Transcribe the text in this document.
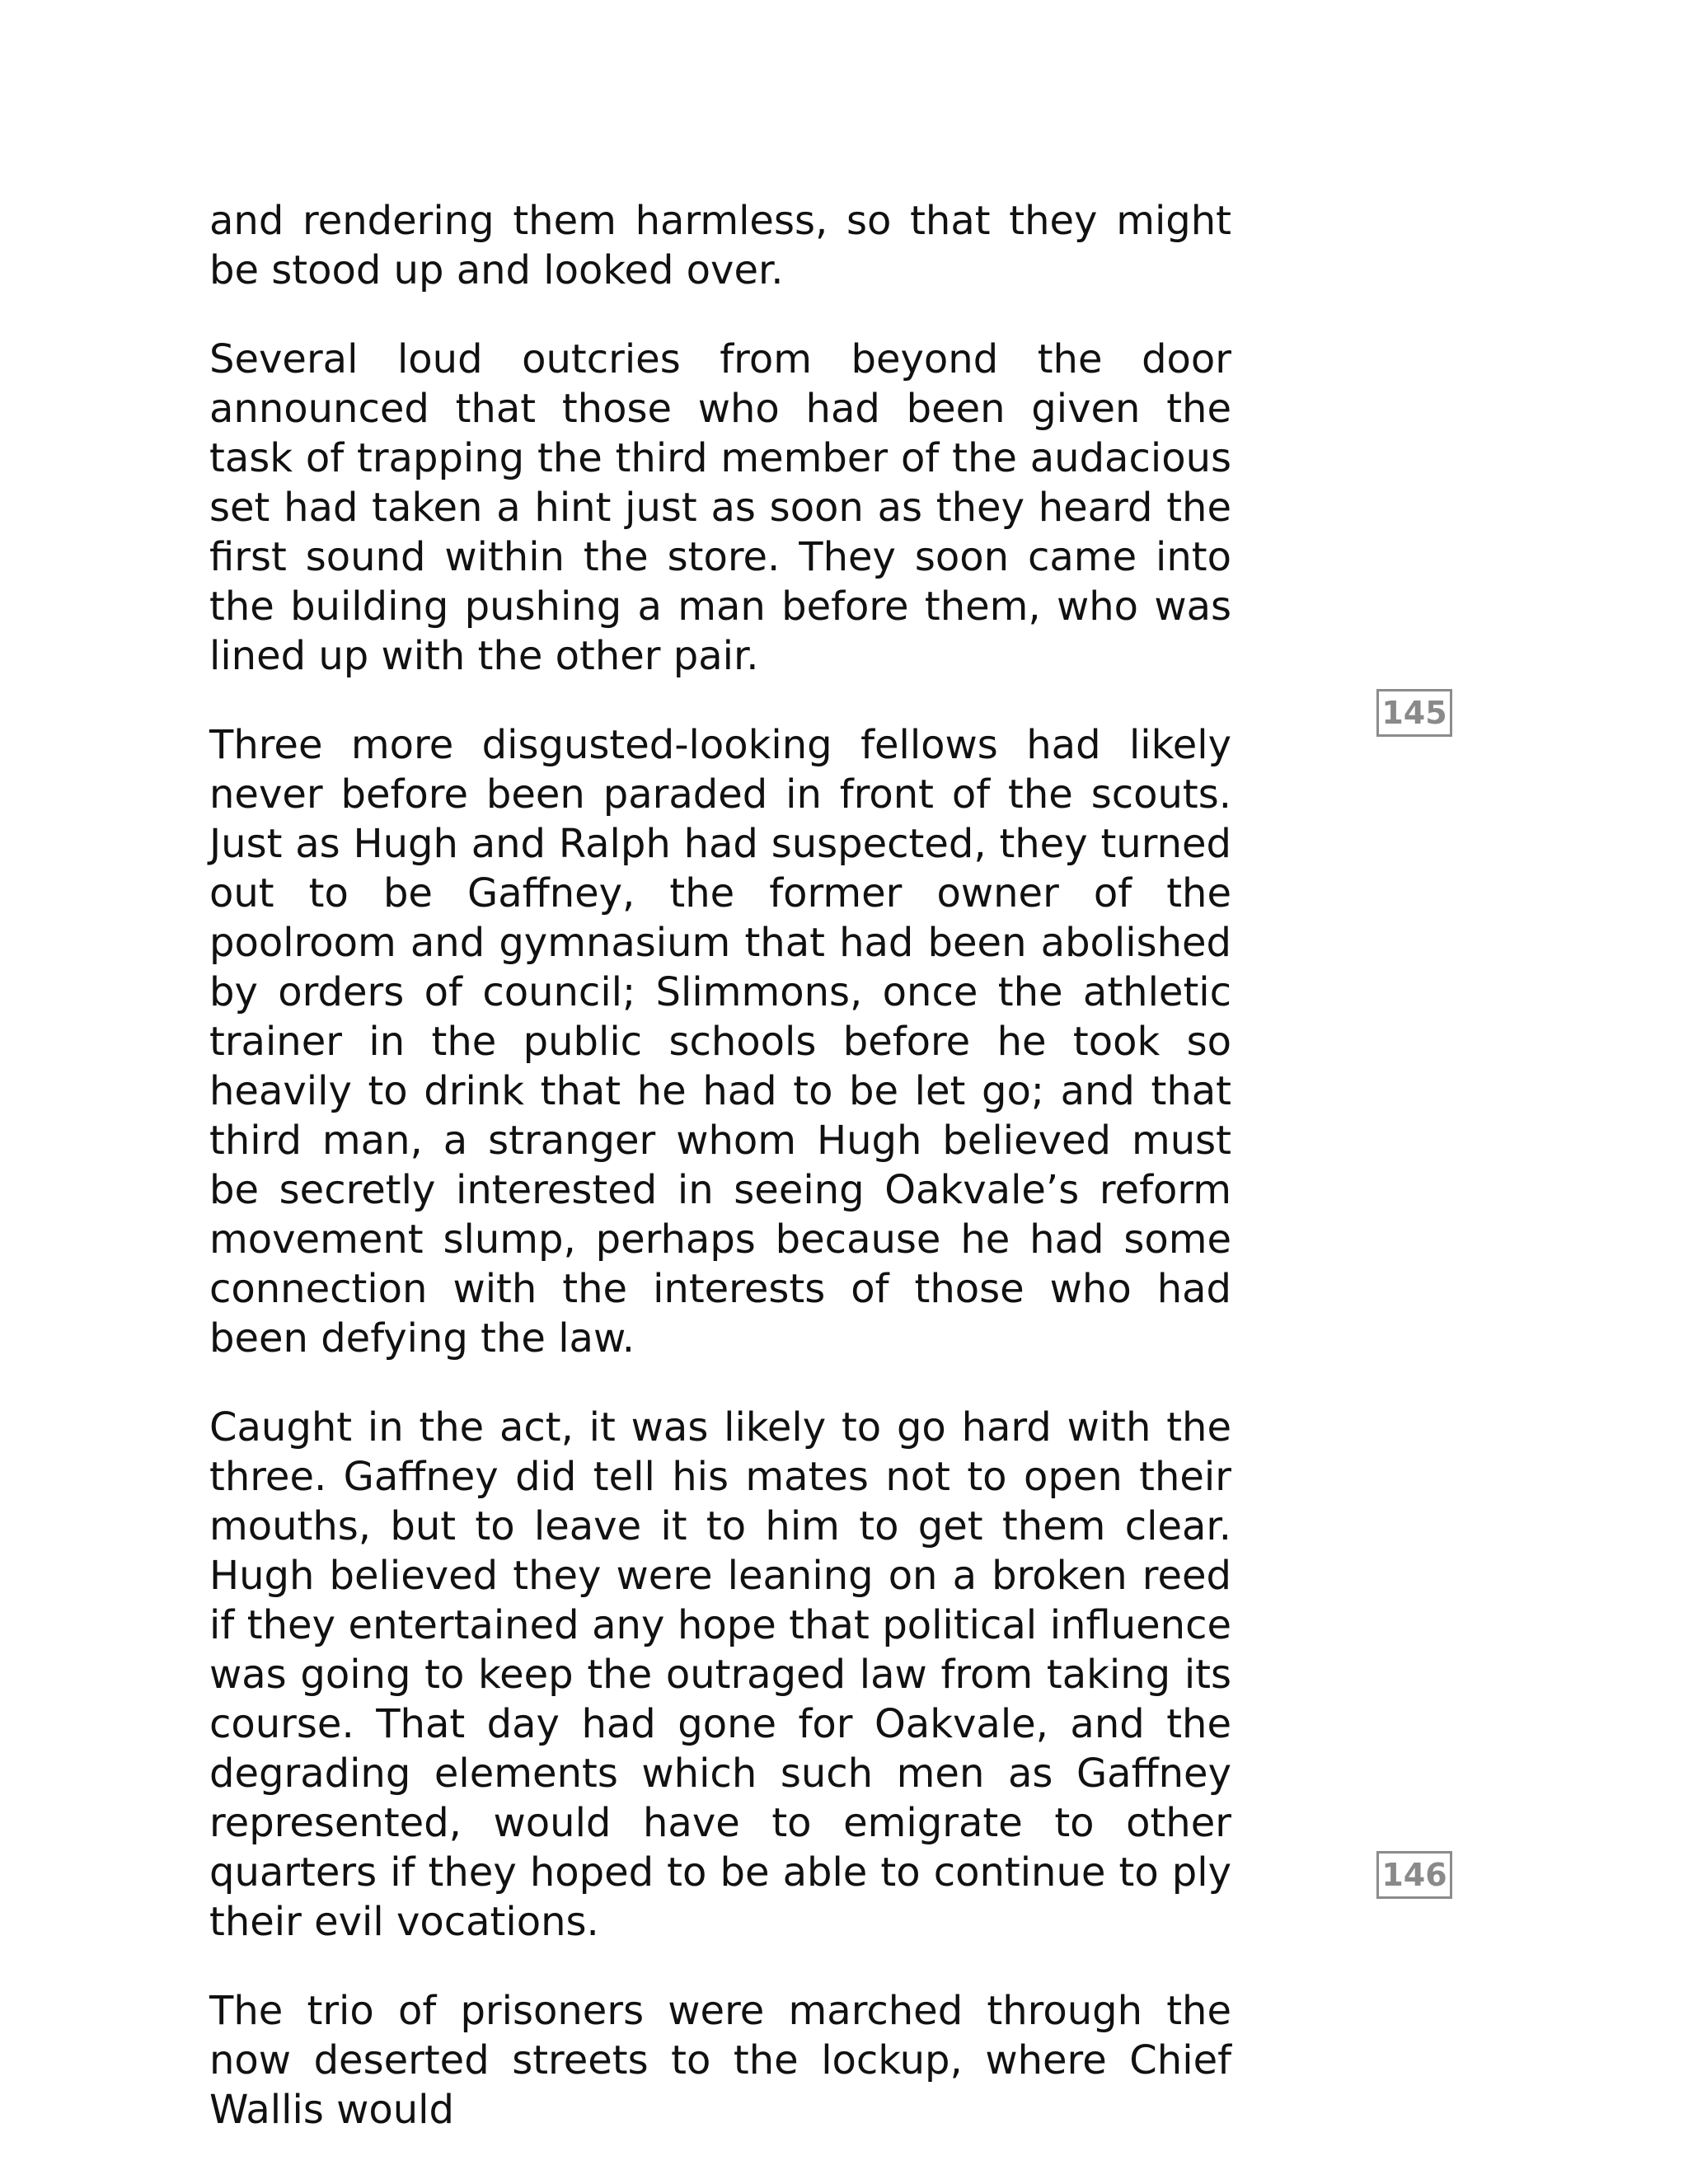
and rendering them harmless, so that they might be stood up and looked over.

Several loud outcries from beyond the door announced that those who had been given the task of trapping the third member of the audacious set had taken a hint just as soon as they heard the first sound within the store. They soon came into the building pushing a man before them, who was lined up with the other pair.

Three more disgusted-looking fellows had likely never before been paraded in front of the scouts. Just as Hugh and Ralph had suspected, they turned out to be Gaffney, the former owner of the poolroom and gymnasium that had been abolished by orders of council; Slimmons, once the athletic trainer in the public schools before he took so heavily to drink that he had to be let go; and that third man, a stranger whom Hugh believed must be secretly interested in seeing Oakvale’s reform movement slump, perhaps because he had some connection with the interests of those who had been defying the law.

Caught in the act, it was likely to go hard with the three. Gaffney did tell his mates not to open their mouths, but to leave it to him to get them clear. Hugh believed they were leaning on a broken reed if they entertained any hope that political influence was going to keep the outraged law from taking its course. That day had gone for Oakvale, and the degrading elements which such men as Gaffney represented, would have to emigrate to other quarters if they hoped to be able to continue to ply their evil vocations.

The trio of prisoners were marched through the now deserted streets to the lockup, where Chief Wallis would

145
146
